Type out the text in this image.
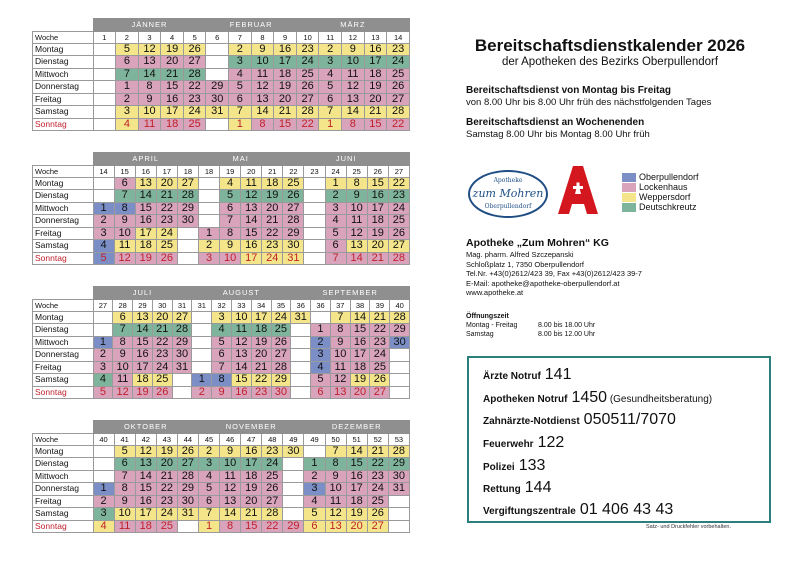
	JÄNNER					FEBRUAR				MÄRZ				
Woche	1	2	3	4	5	6	7	8	9	10	11	12	13	14
Montag		5	12	19	26		2	9	16	23	2	9	16	23
Dienstag		6	13	20	27		3	10	17	24	3	10	17	24
Mittwoch		7	14	21	28		4	11	18	25	4	11	18	25
Donnerstag		1	8	15	22	29	5	12	19	26	5	12	19	26
Freitag		2	9	16	23	30	6	13	20	27	6	13	20	27
Samstag		3	10	17	24	31	7	14	21	28	7	14	21	28
Sonntag		4	11	18	25		1	8	15	22	1	8	15	22
	APRIL					MAI				JUNI					
Woche	14	15	16	17	18	18	19	20	21	22	23	24	25	26	27
Montag		6	13	20	27		4	11	18	25		1	8	15	22
Dienstag		7	14	21	28		5	12	19	26		2	9	16	23
Mittwoch	1	8	15	22	29		6	13	20	27		3	10	17	24
Donnerstag	2	9	16	23	30		7	14	21	28		4	11	18	25
Freitag	3	10	17	24		1	8	15	22	29		5	12	19	26
Samstag	4	11	18	25		2	9	16	23	30		6	13	20	27
Sonntag	5	12	19	26		3	10	17	24	31		7	14	21	28
	JULI					AUGUST					SEPTEMBER					
Woche	27	28	29	30	31	31	32	33	34	35	36	36	37	38	39	40
Montag		6	13	20	27		3	10	17	24	31		7	14	21	28
Dienstag		7	14	21	28		4	11	18	25		1	8	15	22	29
Mittwoch	1	8	15	22	29		5	12	19	26		2	9	16	23	30
Donnerstag	2	9	16	23	30		6	13	20	27		3	10	17	24	
Freitag	3	10	17	24	31		7	14	21	28		4	11	18	25	
Samstag	4	11	18	25		1	8	15	22	29		5	12	19	26	
Sonntag	5	12	19	26		2	9	16	23	30		6	13	20	27	
	OKTOBER					NOVEMBER					DEZEMBER				
Woche	40	41	42	43	44	45	46	47	48	49	49	50	51	52	53
Montag		5	12	19	26	2	9	16	23	30		7	14	21	28
Dienstag		6	13	20	27	3	10	17	24		1	8	15	22	29
Mittwoch		7	14	21	28	4	11	18	25		2	9	16	23	30
Donnerstag	1	8	15	22	29	5	12	19	26		3	10	17	24	31
Freitag	2	9	16	23	30	6	13	20	27		4	11	18	25	
Samstag	3	10	17	24	31	7	14	21	28		5	12	19	26	
Sonntag	4	11	18	25		1	8	15	22	29	6	13	20	27	
Bereitschaftsdienstkalender 2026
der Apotheken des Bezirks Oberpullendorf
Bereitschaftsdienst von Montag bis Freitag
von 8.00 Uhr bis 8.00 Uhr früh des nächstfolgenden Tages
Bereitschaftsdienst an Wochenenden
Samstag 8.00 Uhr bis Montag 8.00 Uhr früh
Apotheke
zum Mohren
Oberpullendorf
Oberpullendorf
Lockenhaus
Weppersdorf
Deutschkreutz
Apotheke „Zum Mohren“ KG
Mag. pharm. Alfred Szczepanski
Schloßplatz 1, 7350 Oberpullendorf
Tel.Nr. +43(0)2612/423 39, Fax +43(0)2612/423 39-7
E-Mail: apotheke@apotheke-oberpullendorf.at
www.apotheke.at
Öffnungszeit
Montag - Freitag	8.00 bis 18.00 Uhr
Samstag	8.00 bis 12.00 Uhr
Ärzte Notruf 141
Apotheken Notruf 1450 (Gesundheitsberatung)
Zahnärzte-Notdienst 050511/7070
Feuerwehr 122
Polizei 133
Rettung 144
Vergiftungszentrale 01 406 43 43
Satz- und Druckfehler vorbehalten.
